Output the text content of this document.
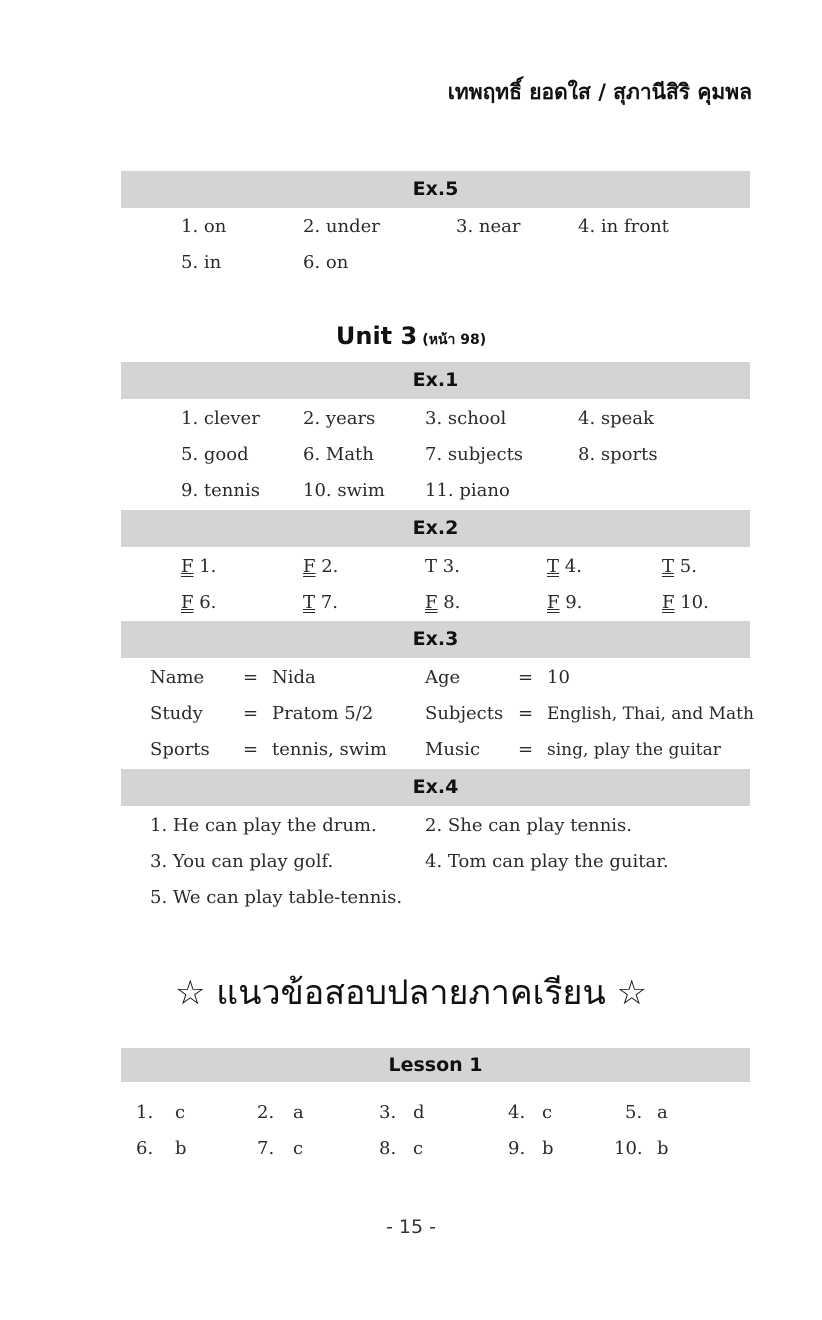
เทพฤทธิ์ ยอดใส / สุภานีสิริ คุมพล
Ex.5
1. on	2. under	3. near	4. in front
5. in	6. on
Unit 3 (หน้า 98)
Ex.1
1. clever 2. years	3. school	4. speak
5. good	6. Math	7. subjects	8. sports
9. tennis 10. swim 11. piano
Ex.2
F 1.	F 2.	T 3.	T 4.	T 5.
F 6.	T 7.	F 8.	F 9.	F 10.
Ex.3
Name = Nida	Age	= 10
Study = Pratom 5/2	Subjects = English, Thai, and Math
Sports = tennis, swim Music = sing, play the guitar
Ex.4
1. He can play the drum.	2. She can play tennis.
3. You can play golf.	4. Tom can play the guitar.
5. We can play table-tennis.
☆ แนวข้อสอบปลายภาคเรียน ☆
Lesson 1
1. c	2. a	3. d	4. c	5. a
6. b	7. c	8. c	9. b	10. b
- 15 -
